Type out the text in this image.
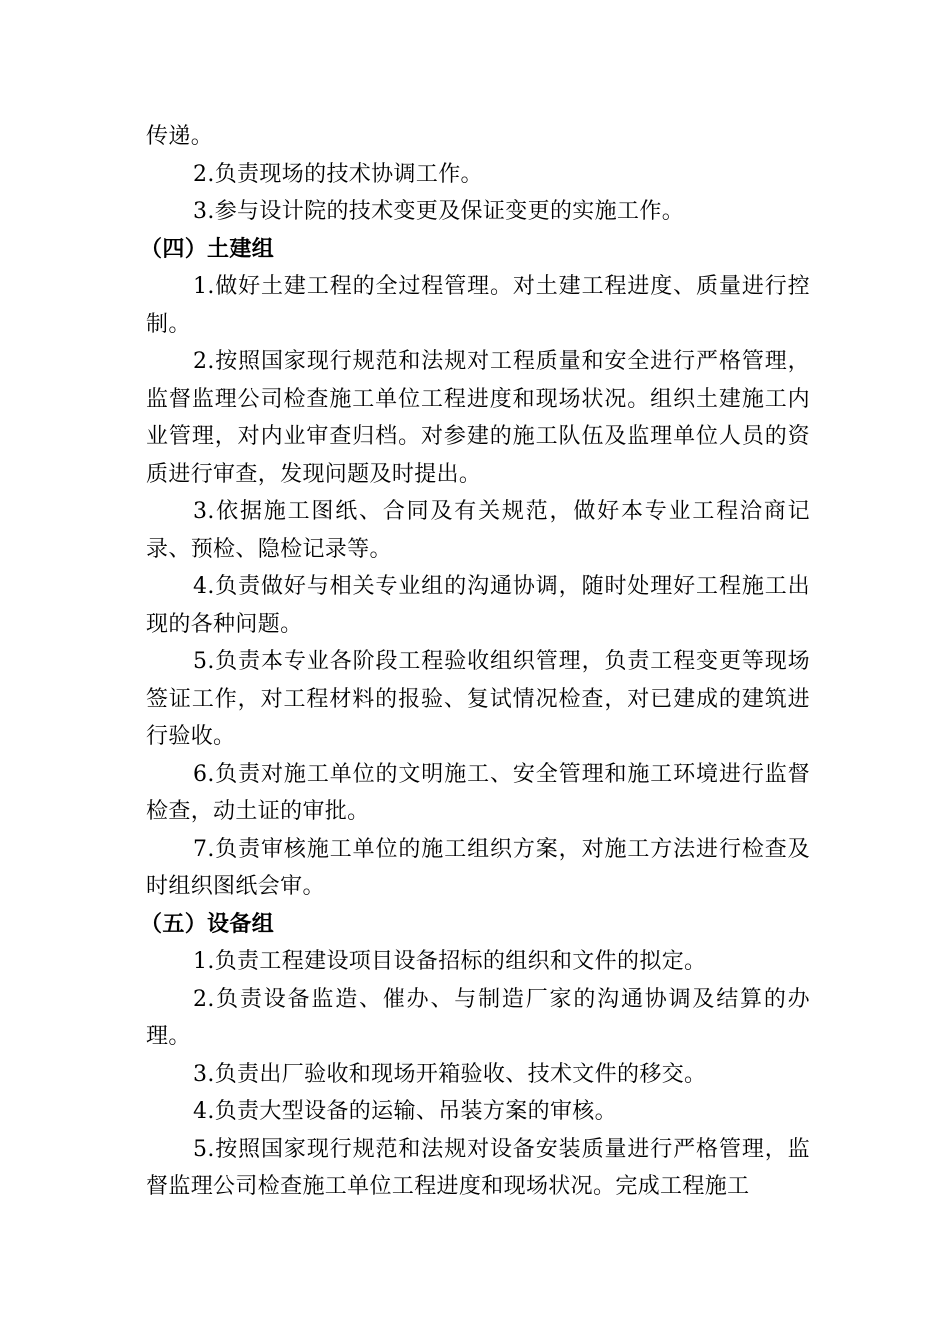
传递。

2.负责现场的技术协调工作。

3.参与设计院的技术变更及保证变更的实施工作。

（四）土建组

1.做好土建工程的全过程管理。对土建工程进度、质量进行控制。

2.按照国家现行规范和法规对工程质量和安全进行严格管理，监督监理公司检查施工单位工程进度和现场状况。组织土建施工内业管理，对内业审查归档。对参建的施工队伍及监理单位人员的资质进行审查，发现问题及时提出。

3.依据施工图纸、合同及有关规范，做好本专业工程洽商记录、预检、隐检记录等。

4.负责做好与相关专业组的沟通协调，随时处理好工程施工出现的各种问题。

5.负责本专业各阶段工程验收组织管理，负责工程变更等现场签证工作，对工程材料的报验、复试情况检查，对已建成的建筑进行验收。

6.负责对施工单位的文明施工、安全管理和施工环境进行监督检查，动土证的审批。

7.负责审核施工单位的施工组织方案，对施工方法进行检查及时组织图纸会审。

（五）设备组

1.负责工程建设项目设备招标的组织和文件的拟定。

2.负责设备监造、催办、与制造厂家的沟通协调及结算的办理。

3.负责出厂验收和现场开箱验收、技术文件的移交。

4.负责大型设备的运输、吊装方案的审核。

5.按照国家现行规范和法规对设备安装质量进行严格管理，监督监理公司检查施工单位工程进度和现场状况。完成工程施工
